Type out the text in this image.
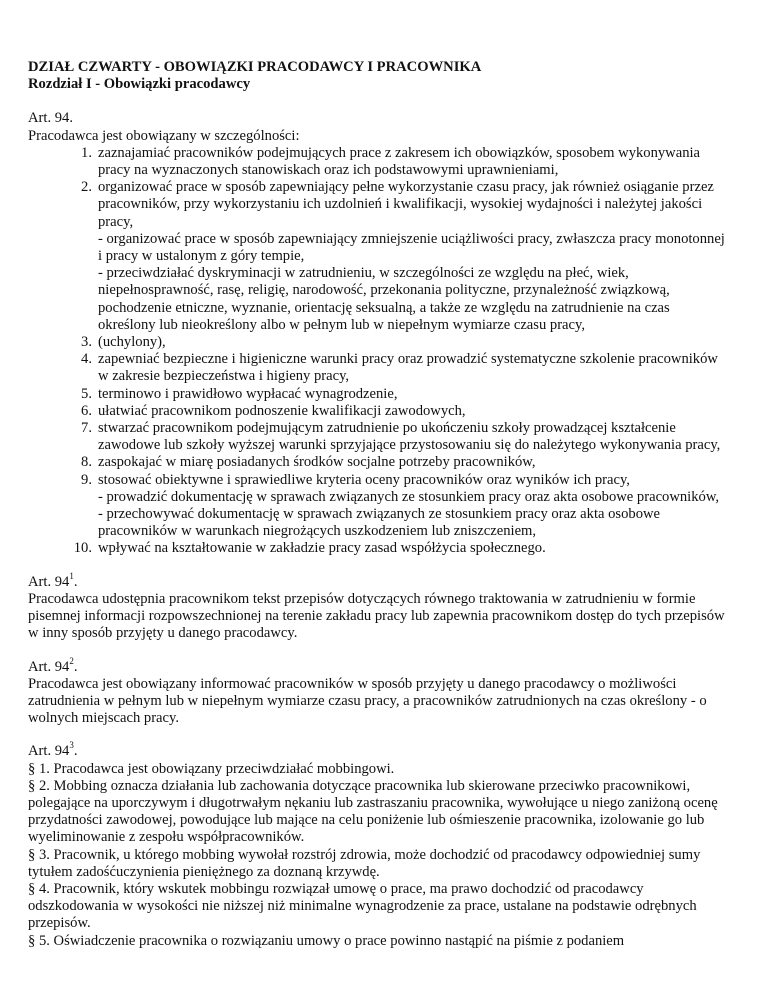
DZIAŁ CZWARTY - OBOWIĄZKI PRACODAWCY I PRACOWNIKA

Rozdział I - Obowiązki pracodawcy

Art. 94.

Pracodawca jest obowiązany w szczególności:

1. zaznajamiać pracowników podejmujących prace z zakresem ich obowiązków, sposobem wykonywania pracy na wyznaczonych stanowiskach oraz ich podstawowymi uprawnieniami,
2. organizować prace w sposób zapewniający pełne wykorzystanie czasu pracy, jak również osiąganie przez pracowników, przy wykorzystaniu ich uzdolnień i kwalifikacji, wysokiej wydajności i należytej jakości pracy,
- organizować prace w sposób zapewniający zmniejszenie uciążliwości pracy, zwłaszcza pracy monotonnej i pracy w ustalonym z góry tempie,
- przeciwdziałać dyskryminacji w zatrudnieniu, w szczególności ze względu na płeć, wiek, niepełnosprawność, rasę, religię, narodowość, przekonania polityczne, przynależność związkową, pochodzenie etniczne, wyznanie, orientację seksualną, a także ze względu na zatrudnienie na czas określony lub nieokreślony albo w pełnym lub w niepełnym wymiarze czasu pracy,
3. (uchylony),
4. zapewniać bezpieczne i higieniczne warunki pracy oraz prowadzić systematyczne szkolenie pracowników w zakresie bezpieczeństwa i higieny pracy,
5. terminowo i prawidłowo wypłacać wynagrodzenie,
6. ułatwiać pracownikom podnoszenie kwalifikacji zawodowych,
7. stwarzać pracownikom podejmującym zatrudnienie po ukończeniu szkoły prowadzącej kształcenie zawodowe lub szkoły wyższej warunki sprzyjające przystosowaniu się do należytego wykonywania pracy,
8. zaspokajać w miarę posiadanych środków socjalne potrzeby pracowników,
9. stosować obiektywne i sprawiedliwe kryteria oceny pracowników oraz wyników ich pracy,
- prowadzić dokumentację w sprawach związanych ze stosunkiem pracy oraz akta osobowe pracowników,
- przechowywać dokumentację w sprawach związanych ze stosunkiem pracy oraz akta osobowe pracowników w warunkach niegrożących uszkodzeniem lub zniszczeniem,
10. wpływać na kształtowanie w zakładzie pracy zasad współżycia społecznego.

Art. $94^1$.

Pracodawca udostępnia pracownikom tekst przepisów dotyczących równego traktowania w zatrudnieniu w formie pisemnej informacji rozpowszechnionej na terenie zakładu pracy lub zapewnia pracownikom dostęp do tych przepisów w inny sposób przyjęty u danego pracodawcy.

Art. $94^2$.

Pracodawca jest obowiązany informować pracowników w sposób przyjęty u danego pracodawcy o możliwości zatrudnienia w pełnym lub w niepełnym wymiarze czasu pracy, a pracowników zatrudnionych na czas określony - o wolnych miejscach pracy.

Art. $94^3$.

§ 1. Pracodawca jest obowiązany przeciwdziałać mobbingowi.

§ 2. Mobbing oznacza działania lub zachowania dotyczące pracownika lub skierowane przeciwko pracownikowi, polegające na uporczywym i długotrwałym nękaniu lub zastraszaniu pracownika, wywołujące u niego zaniżoną ocenę przydatności zawodowej, powodujące lub mające na celu poniżenie lub ośmieszenie pracownika, izolowanie go lub wyeliminowanie z zespołu współpracowników.

§ 3. Pracownik, u którego mobbing wywołał rozstrój zdrowia, może dochodzić od pracodawcy odpowiedniej sumy tytułem zadośćuczynienia pieniężnego za doznaną krzywdę.

§ 4. Pracownik, który wskutek mobbingu rozwiązał umowę o prace, ma prawo dochodzić od pracodawcy odszkodowania w wysokości nie niższej niż minimalne wynagrodzenie za prace, ustalane na podstawie odrębnych przepisów.

§ 5. Oświadczenie pracownika o rozwiązaniu umowy o prace powinno nastąpić na piśmie z podaniem
